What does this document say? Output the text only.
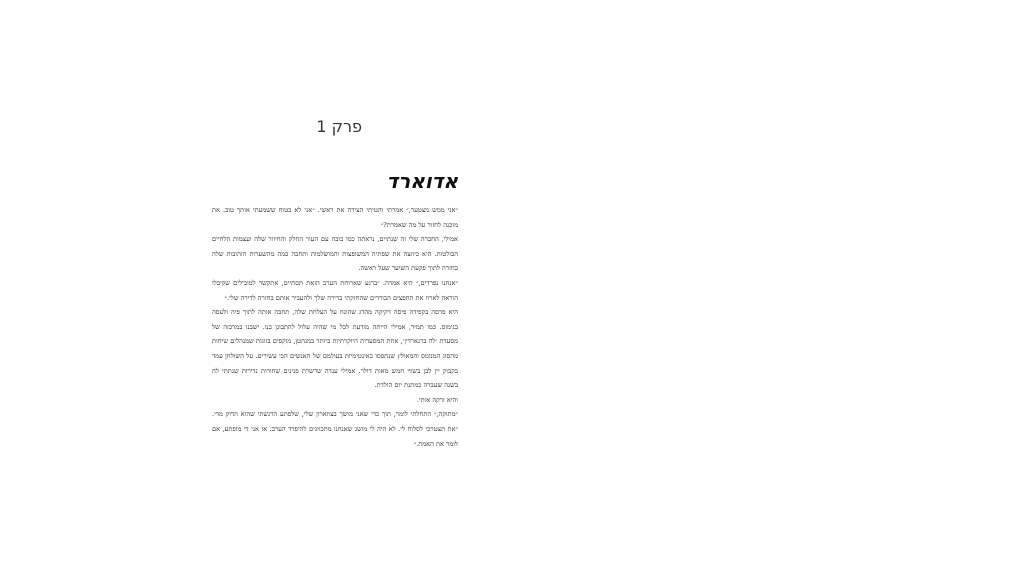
פרק 1
אדוארד

״אני ממש מצטער,״ אמרתי והטיתי הצידה את ראשי. ״אני לא בטוח ששמעתי אותך טוב. את מוכנה לחזור על מה שאמרת?״

אמילי, החברה שלי זה שנתיים, נראתה כמו בובה עם העור החלק והחיוור שלה ועצמות הלחיים הבולטות. היא כיווצה את שפתיה המשופצות והמושלמות ותחבה כמה מהשערות הזהובות שלה בחזרה לתוך פקעת השיער שעל ראשה.

״אנחנו נפרדים,״ היא אמרה. ״ברגע שארוחת הערב הזאת תסתיים, אתקשר למובילים שקיבלו הוראה לארוז את החפצים הבודדים שהחזקתי בדירה שלך ולהעביר אותם בחזרה לדירה שלי.״

היא פרסה בקפידה פיסה דקיקה מהדג שהונח על הצלחת שלה, תחבה אותה לתוך פיה ולעסה בנימוס. כמו תמיד, אמילי הייתה מודעת לכל מי שהיה עלול להתבונן בנו. ישבנו במרכזה של מסעדת ׳לה ברנארדין׳, אחת המסעדות היוקרתיות ביותר במנהטן, מוקפים בזוגות שמנהלים שיחות מהסוג המנומס והמאולץ שנתפסו כאינטימיות בעולמם של האנשים הכי עשירים. על השולחן עמד בקבוק יין לבן בשווי חמש מאות דולר. אמילי ענדה שרשרת פנינים שחורות נדירות שנתתי לה בשנה שעברה כמתנת יום הולדת.

והיא זרקה אותי.

״מתוקה,״ התחלתי לומר, תוך כדי שאני מושך בצווארון שלי, שלפתע הרגשתי שהוא הדוק מדי. ״את תצטרכי לסלוח לי. לא היה לי מושג שאנחנו מתכוונים להיפרד הערב. אז אני די מופתע, אם לומר את האמת.״
